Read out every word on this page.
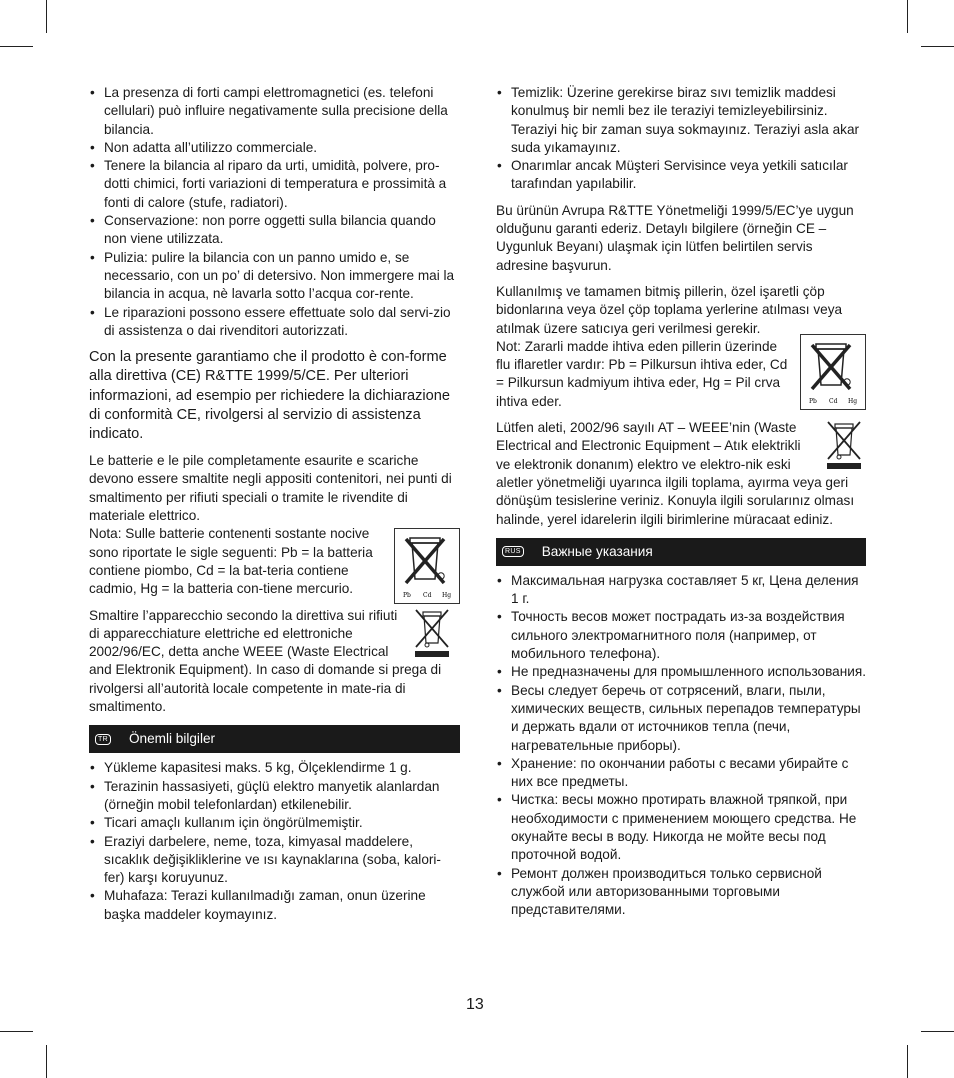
• La presenza di forti campi elettromagnetici (es. telefoni cellulari) può influire negativamente sulla precisione della bilancia.
• Non adatta all’utilizzo commerciale.
• Tenere la bilancia al riparo da urti, umidità, polvere, pro-dotti chimici, forti variazioni di temperatura e prossimità a fonti di calore (stufe, radiatori).
• Conservazione: non porre oggetti sulla bilancia quando non viene utilizzata.
• Pulizia: pulire la bilancia con un panno umido e, se necessario, con un po’ di detersivo. Non immergere mai la bilancia in acqua, nè lavarla sotto l’acqua cor-rente.
• Le riparazioni possono essere effettuate solo dal servi-zio di assistenza o dai rivenditori autorizzati.

Con la presente garantiamo che il prodotto è con-forme alla direttiva (CE) R&TTE 1999/5/CE. Per ulteriori informazioni, ad esempio per richiedere la dichiarazione di conformità CE, rivolgersi al servizio di assistenza indicato.

Le batterie e le pile completamente esaurite e scariche devono essere smaltite negli appositi contenitori, nei punti di smaltimento per rifiuti speciali o tramite le rivendite di materiale elettrico.

Pb Cd Hg

Nota: Sulle batterie contenenti sostante nocive sono riportate le sigle seguenti: Pb = la batteria contiene piombo, Cd = la bat-teria contiene cadmio, Hg = la batteria con-tiene mercurio.

Smaltire l’apparecchio secondo la direttiva sui rifiuti di apparecchiature elettriche ed elettroniche 2002/96/EC, detta anche WEEE (Waste Electrical and Elektronik Equipment). In caso di domande si prega di rivolgersi all’autorità locale competente in mate-ria di smaltimento.

TR Önemli bilgiler
• Yükleme kapasitesi maks. 5 kg, Ölçeklendirme 1 g.
• Terazinin hassasiyeti, güçlü elektro manyetik alanlardan (örneğin mobil telefonlardan) etkilenebilir.
• Ticari amaçlı kullanım için öngörülmemiştir.
• Eraziyi darbelere, neme, toza, kimyasal maddelere, sıcaklık değişikliklerine ve ısı kaynaklarına (soba, kalori-fer) karşı koruyunuz.
• Muhafaza: Terazi kullanılmadığı zaman, onun üzerine başka maddeler koymayınız.
• Temizlik: Üzerine gerekirse biraz sıvı temizlik maddesi konulmuş bir nemli bez ile teraziyi temizleyebilirsiniz. Teraziyi hiç bir zaman suya sokmayınız. Teraziyi asla akar suda yıkamayınız.
• Onarımlar ancak Müşteri Servisince veya yetkili satıcılar tarafından yapılabilir.

Bu ürünün Avrupa R&TTE Yönetmeliği 1999/5/EC’ye uygun olduğunu garanti ederiz. Detaylı bilgilere (örneğin CE – Uygunluk Beyanı) ulaşmak için lütfen belirtilen servis adresine başvurun.

Kullanılmış ve tamamen bitmiş pillerin, özel işaretli çöp bidonlarına veya özel çöp toplama yerlerine atılması veya atılmak üzere satıcıya geri verilmesi gerekir.

Pb Cd Hg

Not: Zararli madde ihtiva eden pillerin üzerinde flu iflaretler vardır: Pb = Pilkursun ihtiva eder, Cd = Pilkursun kadmiyum ihtiva eder, Hg = Pil crva ihtiva eder.

Lütfen aleti, 2002/96 sayılı AT – WEEE’nin (Waste Electrical and Electronic Equipment – Atık elektrikli ve elektronik donanım) elektro ve elektro-nik eski aletler yönetmeliği uyarınca ilgili toplama, ayırma veya geri dönüşüm tesislerine veriniz. Konuyla ilgili sorularınız olması halinde, yerel idarelerin ilgili birimlerine müracaat ediniz.

RUS Важные указания
• Максимальная нагрузка составляет 5 кг, Цена деления 1 г.
• Точность весов может пострадать из-за воздействия сильного электромагнитного поля (например, от мобильного телефона).
• Не предназначены для промышленного использования.
• Весы следует беречь от сотрясений, влаги, пыли, химических веществ, сильных перепадов температуры и держать вдали от источников тепла (печи, нагревательные приборы).
• Хранение: по окончании работы с весами убирайте с них все предметы.
• Чистка: весы можно протирать влажной тряпкой, при необходимости с применением моющего средства. Не окунайте весы в воду. Никогда не мойте весы под проточной водой.
• Ремонт должен производиться только сервисной службой или авторизованными торговыми представителями.
13
